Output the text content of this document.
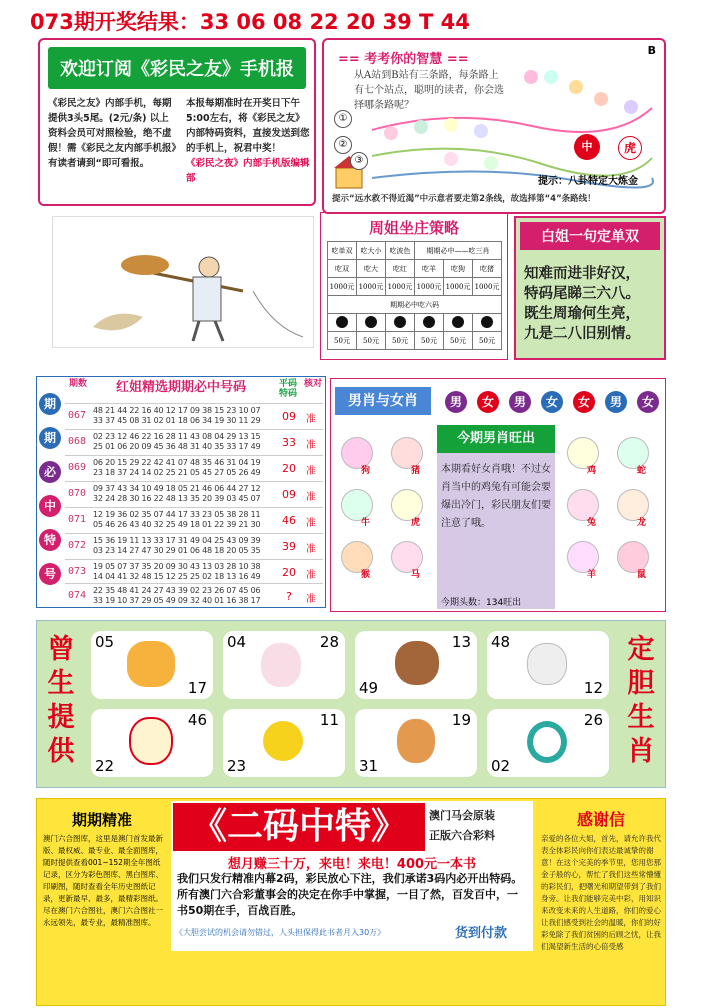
073期开奖结果：33 06 08 22 20 39 T 44
欢迎订阅《彩民之友》手机报
《彩民之友》内部手机，每期提供3头5尾。(2元/条) 以上资料会员可对照检验，绝不虚假！需《彩民之友内部手机报》有读者请到“即可看报。
本报每期准时在开奖日下午5:00左右，将《彩民之友》内部特码资料，直接发送到您的手机上，祝君中奖！
《彩民之夜》内部手机版编辑部
== 考考你的智慧 ==
B
从A站到B站有三条路，每条路上有七个站点，聪明的读者，你会选择哪条路呢？
①
②
③
中	虎
提示：八卦特定大炼金
提示“远水救不得近渴”中示意者要走第2条线，故选择第“4”条路线！
周姐坐庄策略
吃单双	吃大小	吃波色	期期必中——吃三肖		
吃双	吃大	吃红	吃羊	吃狗	吃猪
1000元	1000元	1000元	1000元	1000元	1000元
期期必中吃六码					

50元	50元	50元	50元	50元	50元
白姐一句定单双
知难而进非好汉，
特码尾睇三六八。
既生周瑜何生亮，
九是二八旧别情。
期
期
必
中
特
号
期数	红姐精选期期必中号码	平码特码
核对
067 48 21 44 22 16 40 12 17 09 38 15 23 10 07 33 37 45 08 31 02 01 18 06 34 19 30 11 29	09	准
068 02 23 12 46 22 16 28 11 43 08 04 29 13 15 25 01 06 20 09 45 36 48 31 40 35 33 17 49	33	准
069 06 20 15 29 22 42 41 07 48 35 46 31 04 19 23 18 37 24 14 02 25 21 05 45 27 05 26 49	20	准
070 09 37 43 34 10 49 18 05 21 46 06 44 27 12 32 24 28 30 16 22 48 13 35 20 39 03 45 07	09	准
071 12 19 36 02 35 07 44 17 33 23 05 38 28 11 05 46 26 43 40 32 25 49 18 01 22 39 21 30	46	准
072 15 36 19 11 13 33 17 31 49 04 25 43 09 39 03 23 14 27 47 30 29 01 06 48 18 20 05 35	39	准
073 19 05 07 37 35 20 09 30 43 13 03 28 10 38 14 04 41 32 48 15 12 25 25 02 18 13 16 49	20	准
074 22 35 48 41 24 27 43 39 02 23 26 07 45 06 33 19 10 37 29 05 49 09 32 40 01 16 38 17	?	准
男肖与女肖	男	女	男	女	女	男	女
狗	猪
牛	虎
猴	马
今期男肖旺出
本期看好女肖哦！不过女肖当中的鸡兔有可能会要爆出冷门，彩民朋友们要注意了哦。
今期头数：134旺出
鸡	蛇
兔	龙
羊	鼠
曾
生
提
供
定
胆
生
肖
05
17
04	28	13
49
48
12
46
22
11
23
19
31
26
02
期期精准
澳门六合图库，这里是澳门首发最新版、最权威、最专业、最全面图库，随时提供查看001~152期全年图纸记录，区分为彩色图库、黑白图库、印刷图，随时查看全年历史图纸记录，更新最早、最多，最精彩图纸。尽在澳门六合图社，澳门六合图社一永远领先，最专业，最精准图库。
《二码中特》	澳门马会原装
正版六合彩料
想月赚三十万，来电！来电！400元一本书
我们只发行精准内幕2码，彩民放心下注，我们承诺3码内必开出特码。所有澳门六合彩董事会的决定在你手中掌握，一目了然，百发百中，一书50期在手，百战百胜。
《大胆尝试的机会请勿错过，人头担保得此书者月入30万》	货到付款
感谢信
亲爱的各位大姐，首先，请允许我代表全体彩民向你们表达最诚挚的谢意！在这个完美的季节里，您用您那金子般的心，帮忙了我们这些常懵懂的彩民们，把曙光和期望带到了我们身旁。让我们能够完美中彩，用知识来改变未来的人生道路，你们的爱心让我们感受到社会的温暖，你们的好彩免除了我们贫困的后顾之忧，让我们渴望新生活的心倍受感
